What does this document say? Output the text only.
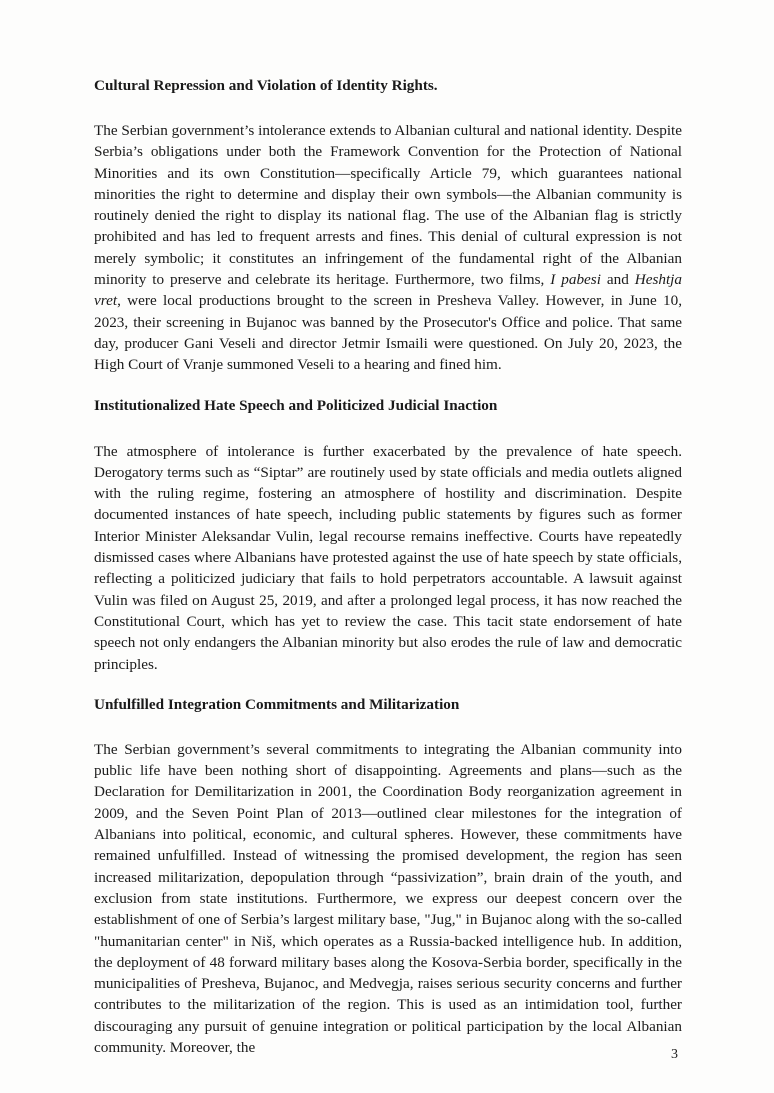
Cultural Repression and Violation of Identity Rights.

The Serbian government’s intolerance extends to Albanian cultural and national identity. Despite Serbia’s obligations under both the Framework Convention for the Protection of National Minorities and its own Constitution—specifically Article 79, which guarantees national minorities the right to determine and display their own symbols—the Albanian community is routinely denied the right to display its national flag. The use of the Albanian flag is strictly prohibited and has led to frequent arrests and fines. This denial of cultural expression is not merely symbolic; it constitutes an infringement of the fundamental right of the Albanian minority to preserve and celebrate its heritage. Furthermore, two films, I pabesi and Heshtja vret, were local productions brought to the screen in Presheva Valley. However, in June 10, 2023, their screening in Bujanoc was banned by the Prosecutor's Office and police. That same day, producer Gani Veseli and director Jetmir Ismaili were questioned. On July 20, 2023, the High Court of Vranje summoned Veseli to a hearing and fined him.

Institutionalized Hate Speech and Politicized Judicial Inaction

The atmosphere of intolerance is further exacerbated by the prevalence of hate speech. Derogatory terms such as “Siptar” are routinely used by state officials and media outlets aligned with the ruling regime, fostering an atmosphere of hostility and discrimination. Despite documented instances of hate speech, including public statements by figures such as former Interior Minister Aleksandar Vulin, legal recourse remains ineffective. Courts have repeatedly dismissed cases where Albanians have protested against the use of hate speech by state officials, reflecting a politicized judiciary that fails to hold perpetrators accountable. A lawsuit against Vulin was filed on August 25, 2019, and after a prolonged legal process, it has now reached the Constitutional Court, which has yet to review the case. This tacit state endorsement of hate speech not only endangers the Albanian minority but also erodes the rule of law and democratic principles.

Unfulfilled Integration Commitments and Militarization

The Serbian government’s several commitments to integrating the Albanian community into public life have been nothing short of disappointing. Agreements and plans—such as the Declaration for Demilitarization in 2001, the Coordination Body reorganization agreement in 2009, and the Seven Point Plan of 2013—outlined clear milestones for the integration of Albanians into political, economic, and cultural spheres. However, these commitments have remained unfulfilled. Instead of witnessing the promised development, the region has seen increased militarization, depopulation through “passivization”, brain drain of the youth, and exclusion from state institutions. Furthermore, we express our deepest concern over the establishment of one of Serbia’s largest military base, "Jug," in Bujanoc along with the so-called "humanitarian center" in Niš, which operates as a Russia-backed intelligence hub. In addition, the deployment of 48 forward military bases along the Kosova-Serbia border, specifically in the municipalities of Presheva, Bujanoc, and Medvegja, raises serious security concerns and further contributes to the militarization of the region. This is used as an intimidation tool, further discouraging any pursuit of genuine integration or political participation by the local Albanian community. Moreover, the	3
